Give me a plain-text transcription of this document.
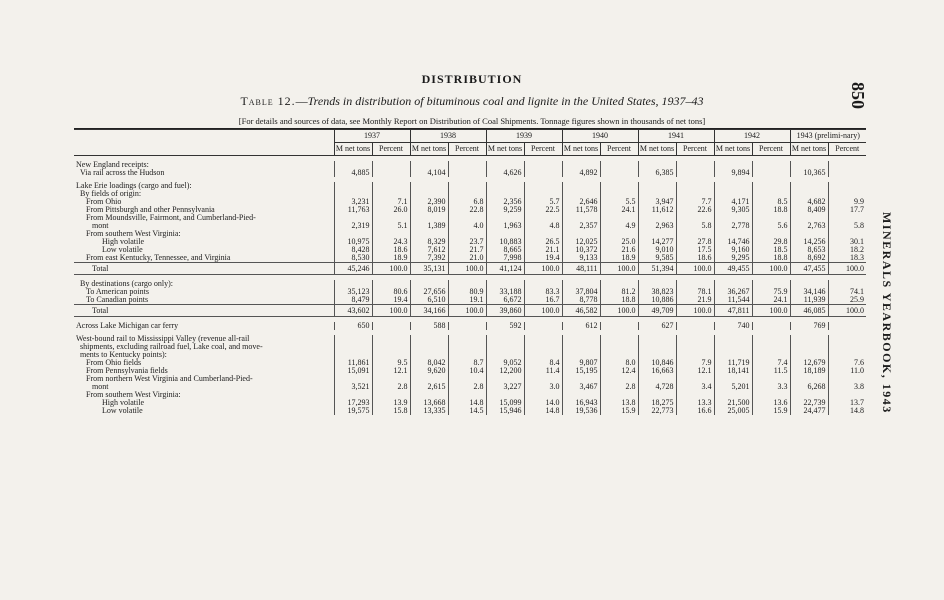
DISTRIBUTION
Table 12.—Trends in distribution of bituminous coal and lignite in the United States, 1937–43
[For details and sources of data, see Monthly Report on Distribution of Coal Shipments. Tonnage figures shown in thousands of net tons]
850
MINERALS YEARBOOK, 1943
	1937		1938		1939		1940		1941		1942		1943 (prelimi-nary)	
	M net tons	Percent	M net tons	Percent	M net tons	Percent	M net tons	Percent	M net tons	Percent	M net tons	Percent	M net tons	Percent

New England receipts:														
Via rail across the Hudson	4,885		4,104		4,626		4,892		6,385		9,894		10,365	

Lake Erie loadings (cargo and fuel):														
By fields of origin:														
From Ohio	3,231	7.1	2,390	6.8	2,356	5.7	2,646	5.5	3,947	7.7	4,171	8.5	4,682	9.9
From Pittsburgh and other Pennsylvania	11,763	26.0	8,019	22.8	9,259	22.5	11,578	24.1	11,612	22.6	9,305	18.8	8,409	17.7
From Moundsville, Fairmont, and Cumberland-Pied-														
mont	2,319	5.1	1,389	4.0	1,963	4.8	2,357	4.9	2,963	5.8	2,778	5.6	2,763	5.8
From southern West Virginia:														
High volatile	10,975	24.3	8,329	23.7	10,883	26.5	12,025	25.0	14,277	27.8	14,746	29.8	14,256	30.1
Low volatile	8,428	18.6	7,612	21.7	8,665	21.1	10,372	21.6	9,010	17.5	9,160	18.5	8,653	18.2
From east Kentucky, Tennessee, and Virginia	8,530	18.9	7,392	21.0	7,998	19.4	9,133	18.9	9,585	18.6	9,295	18.8	8,692	18.3
Total	45,246	100.0	35,131	100.0	41,124	100.0	48,111	100.0	51,394	100.0	49,455	100.0	47,455	100.0

By destinations (cargo only):														
To American points	35,123	80.6	27,656	80.9	33,188	83.3	37,804	81.2	38,823	78.1	36,267	75.9	34,146	74.1
To Canadian points	8,479	19.4	6,510	19.1	6,672	16.7	8,778	18.8	10,886	21.9	11,544	24.1	11,939	25.9
Total	43,602	100.0	34,166	100.0	39,860	100.0	46,582	100.0	49,709	100.0	47,811	100.0	46,085	100.0

Across Lake Michigan car ferry	650		588		592		612		627		740		769	

West-bound rail to Mississippi Valley (revenue all-rail														
shipments, excluding railroad fuel, Lake coal, and move-														
ments to Kentucky points):														
From Ohio fields	11,861	9.5	8,042	8.7	9,052	8.4	9,807	8.0	10,846	7.9	11,719	7.4	12,679	7.6
From Pennsylvania fields	15,091	12.1	9,620	10.4	12,200	11.4	15,195	12.4	16,663	12.1	18,141	11.5	18,189	11.0
From northern West Virginia and Cumberland-Pied-														
mont	3,521	2.8	2,615	2.8	3,227	3.0	3,467	2.8	4,728	3.4	5,201	3.3	6,268	3.8
From southern West Virginia:														
High volatile	17,293	13.9	13,668	14.8	15,099	14.0	16,943	13.8	18,275	13.3	21,500	13.6	22,739	13.7
Low volatile	19,575	15.8	13,335	14.5	15,946	14.8	19,536	15.9	22,773	16.6	25,005	15.9	24,477	14.8
